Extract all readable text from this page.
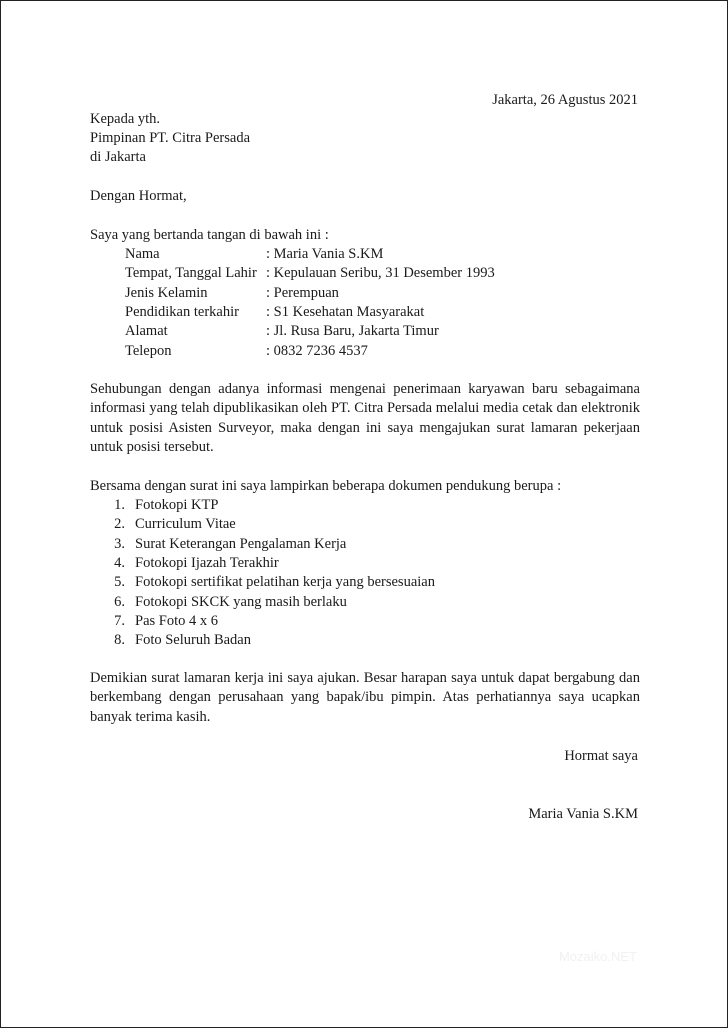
Jakarta, 26 Agustus 2021
Kepada yth.
Pimpinan PT. Citra Persada
di Jakarta
Dengan Hormat,
Saya yang bertanda tangan di bawah ini :
Nama	: Maria Vania S.KM
Tempat, Tanggal Lahir : Kepulauan Seribu, 31 Desember 1993
Jenis Kelamin	: Perempuan
Pendidikan terkahir : S1 Kesehatan Masyarakat
Alamat	: Jl. Rusa Baru, Jakarta Timur
Telepon	: 0832 7236 4537
Sehubungan dengan adanya informasi mengenai penerimaan karyawan baru sebagaimana informasi yang telah dipublikasikan oleh PT. Citra Persada melalui media cetak dan elektronik untuk posisi Asisten Surveyor, maka dengan ini saya mengajukan surat lamaran pekerjaan untuk posisi tersebut.
Bersama dengan surat ini saya lampirkan beberapa dokumen pendukung berupa :
1. Fotokopi KTP
2. Curriculum Vitae
3. Surat Keterangan Pengalaman Kerja
4. Fotokopi Ijazah Terakhir
5. Fotokopi sertifikat pelatihan kerja yang bersesuaian
6. Fotokopi SKCK yang masih berlaku
7. Pas Foto 4 x 6
8. Foto Seluruh Badan
Demikian surat lamaran kerja ini saya ajukan. Besar harapan saya untuk dapat bergabung dan berkembang dengan perusahaan yang bapak/ibu pimpin. Atas perhatiannya saya ucapkan banyak terima kasih.
Hormat saya
Maria Vania S.KM
Mozaiko.NET
